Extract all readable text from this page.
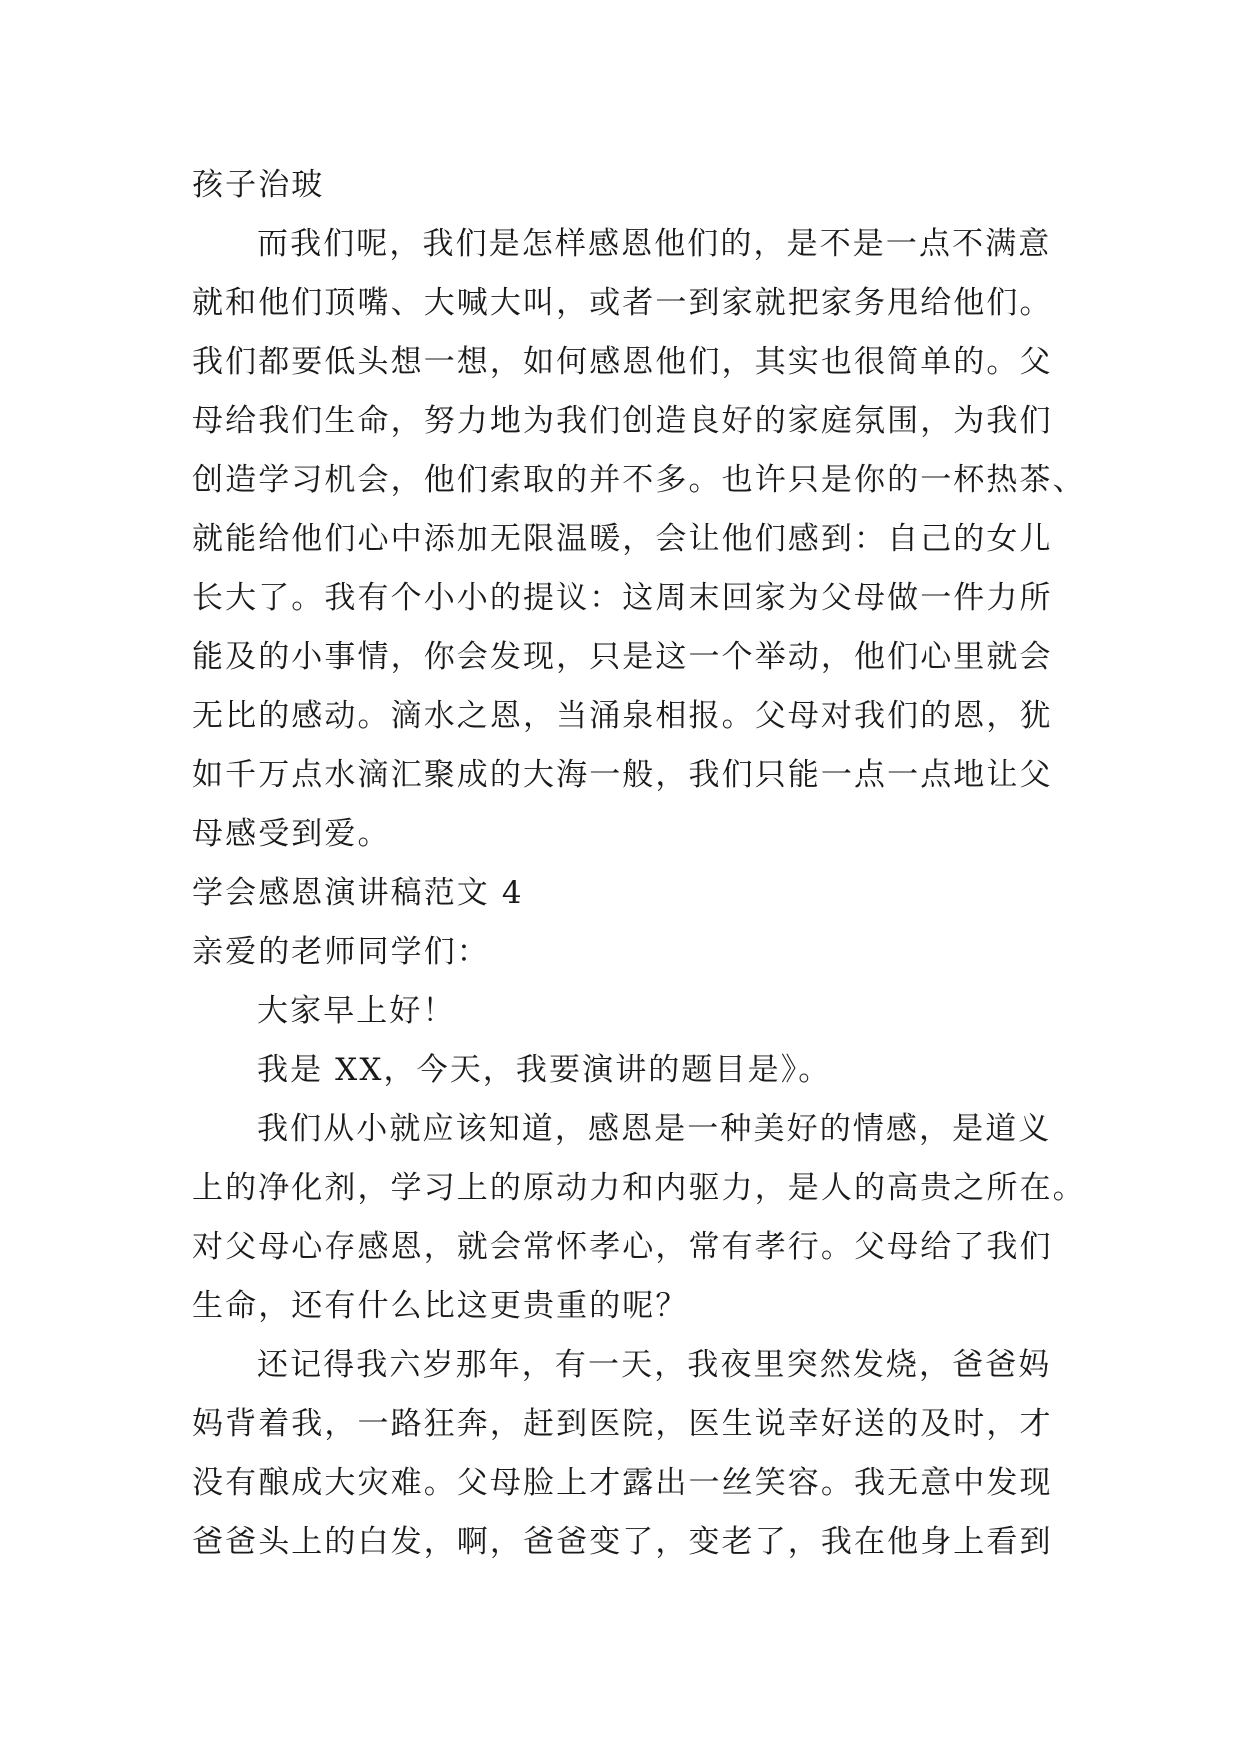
孩子治玻
而我们呢，我们是怎样感恩他们的，是不是一点不满意
就和他们顶嘴、大喊大叫，或者一到家就把家务甩给他们。
我们都要低头想一想，如何感恩他们，其实也很简单的。父
母给我们生命，努力地为我们创造良好的家庭氛围，为我们
创造学习机会，他们索取的并不多。也许只是你的一杯热茶、
就能给他们心中添加无限温暖，会让他们感到：自己的女儿
长大了。我有个小小的提议：这周末回家为父母做一件力所
能及的小事情，你会发现，只是这一个举动，他们心里就会
无比的感动。滴水之恩，当涌泉相报。父母对我们的恩，犹
如千万点水滴汇聚成的大海一般，我们只能一点一点地让父
母感受到爱。
学会感恩演讲稿范文 4
亲爱的老师同学们：
大家早上好！
我是 XX，今天，我要演讲的题目是》。
我们从小就应该知道，感恩是一种美好的情感，是道义
上的净化剂，学习上的原动力和内驱力，是人的高贵之所在。
对父母心存感恩，就会常怀孝心，常有孝行。父母给了我们
生命，还有什么比这更贵重的呢？
还记得我六岁那年，有一天，我夜里突然发烧，爸爸妈
妈背着我，一路狂奔，赶到医院，医生说幸好送的及时，才
没有酿成大灾难。父母脸上才露出一丝笑容。我无意中发现
爸爸头上的白发，啊，爸爸变了，变老了，我在他身上看到
